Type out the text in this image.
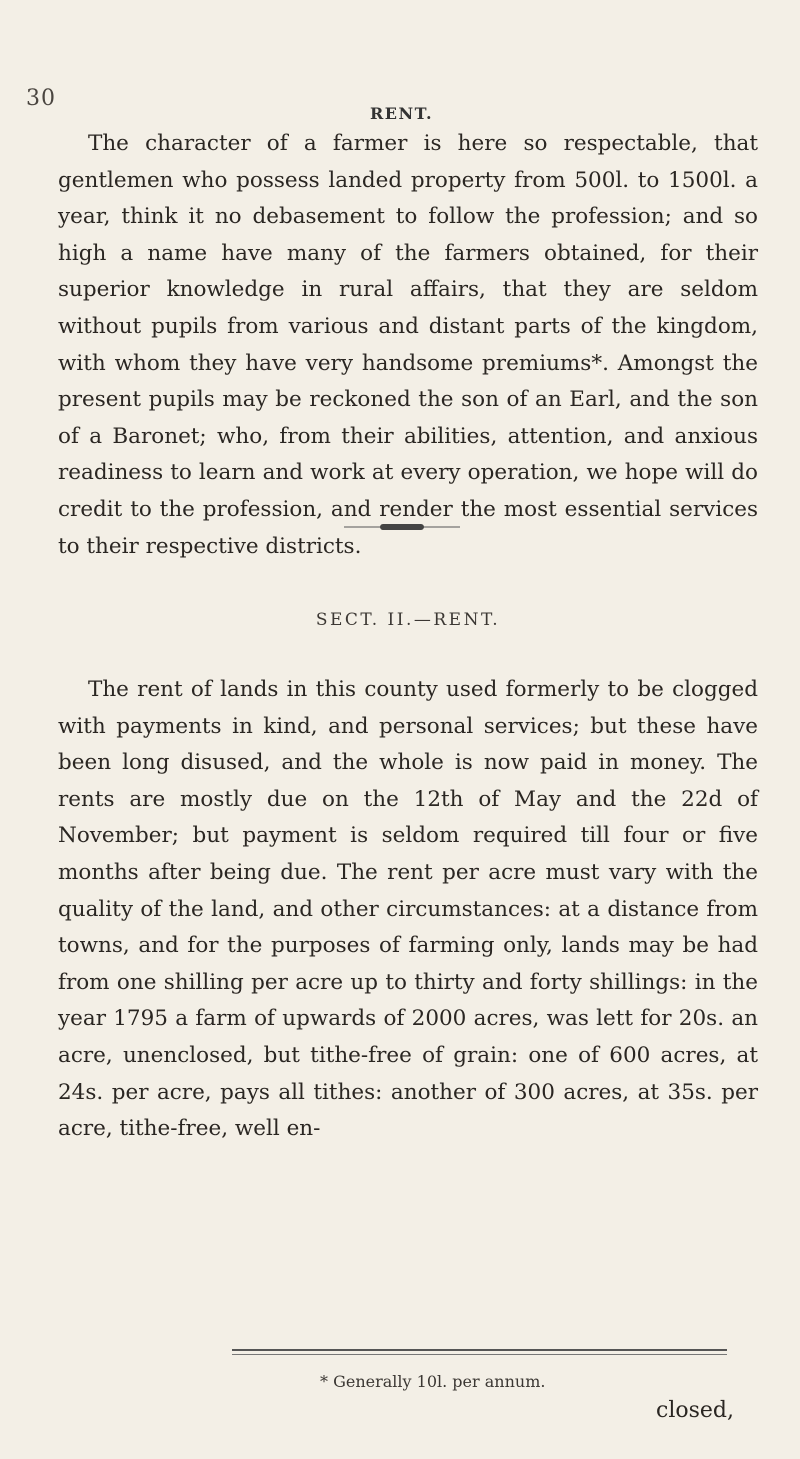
30
RENT.

The character of a farmer is here so respectable, that gentlemen who possess landed property from 500l. to 1500l. a year, think it no debasement to follow the profession; and so high a name have many of the farmers obtained, for their superior knowledge in rural affairs, that they are seldom without pupils from various and distant parts of the kingdom, with whom they have very handsome premiums*. Amongst the present pupils may be reckoned the son of an Earl, and the son of a Baronet; who, from their abilities, attention, and anxious readiness to learn and work at every operation, we hope will do credit to the profession, and render the most essential services to their respective districts.

SECT. II.—RENT.

The rent of lands in this county used formerly to be clogged with payments in kind, and personal services; but these have been long disused, and the whole is now paid in money. The rents are mostly due on the 12th of May and the 22d of November; but payment is seldom required till four or five months after being due. The rent per acre must vary with the quality of the land, and other circumstances: at a distance from towns, and for the purposes of farming only, lands may be had from one shilling per acre up to thirty and forty shillings: in the year 1795 a farm of upwards of 2000 acres, was lett for 20s. an acre, unenclosed, but tithe-free of grain: one of 600 acres, at 24s. per acre, pays all tithes: another of 300 acres, at 35s. per acre, tithe-free, well en-

* Generally 10l. per annum.
closed,
